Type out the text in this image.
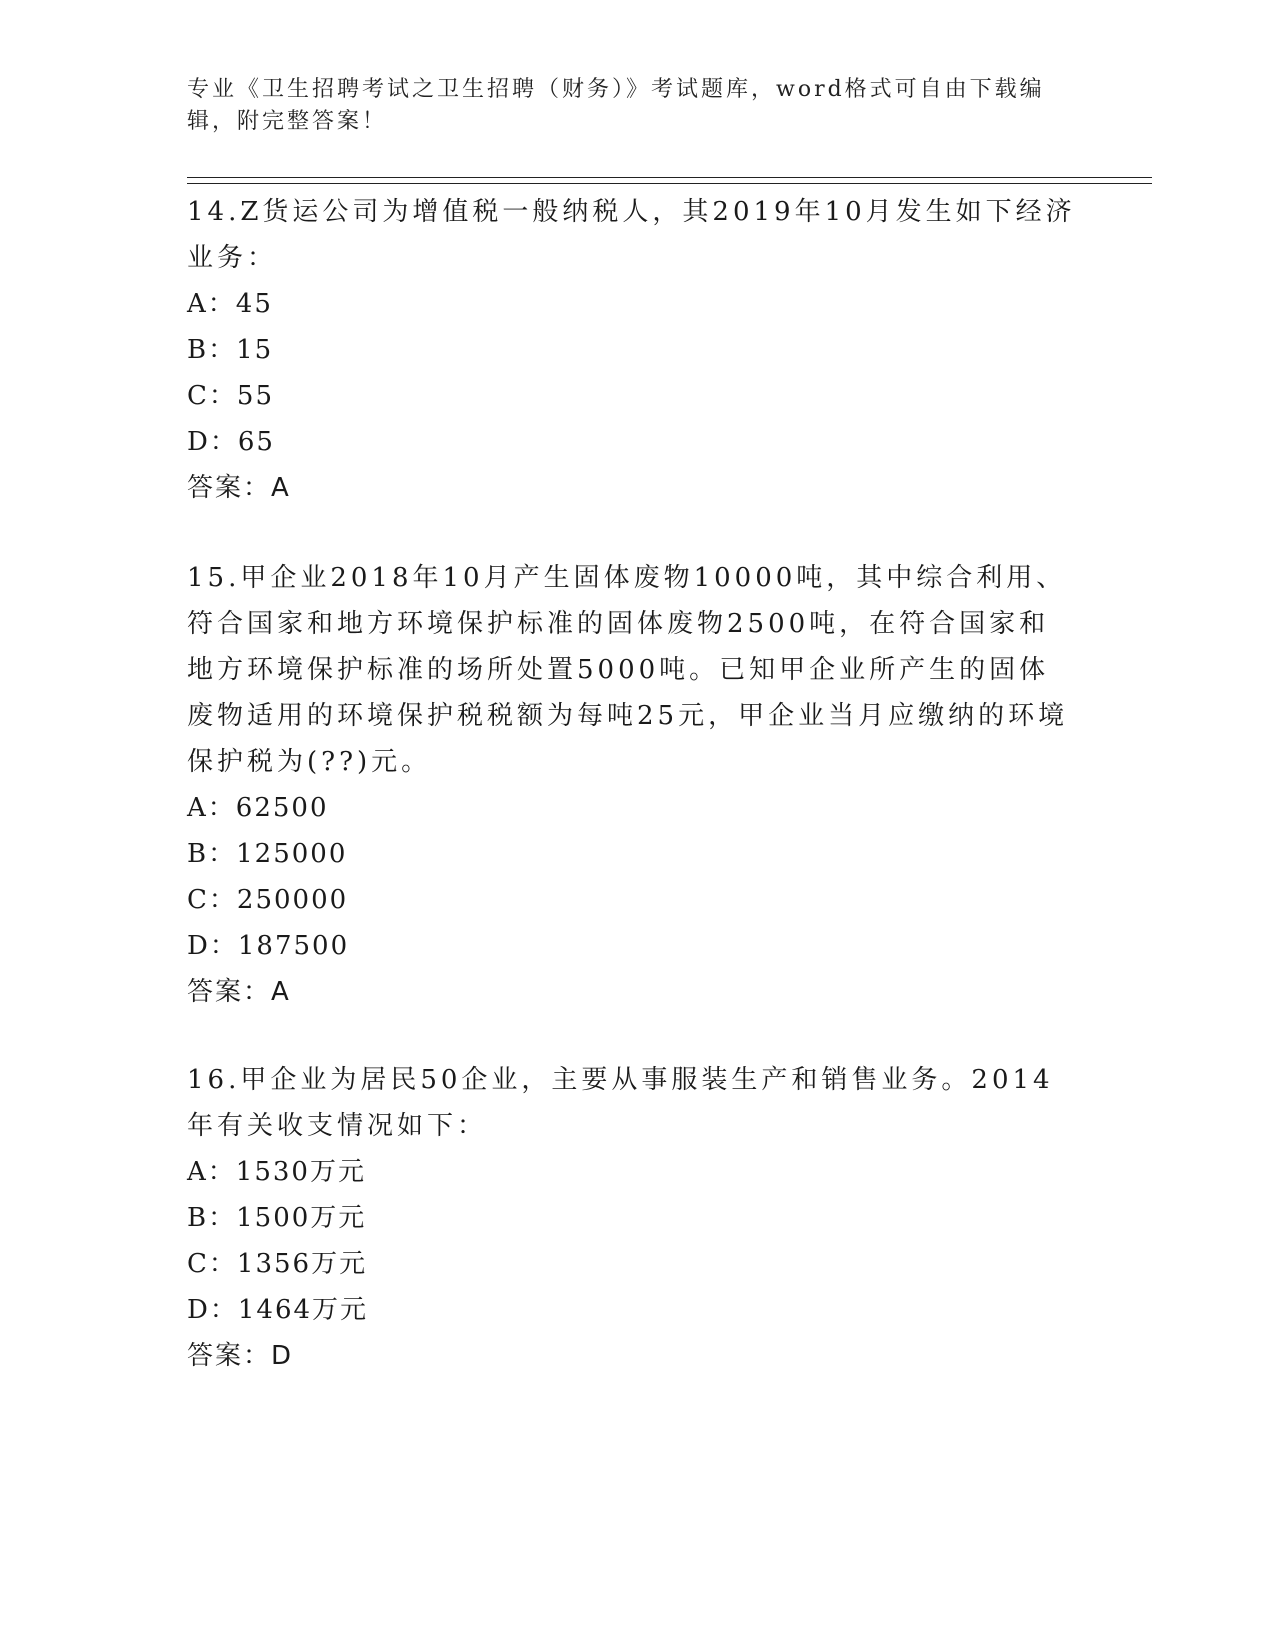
专业《卫生招聘考试之卫生招聘（财务）》考试题库，word格式可自由下载编辑，附完整答案！

14.Z货运公司为增值税一般纳税人，其2019年10月发生如下经济业务：

A：45

B：15

C：55

D：65

答案：A

15.甲企业2018年10月产生固体废物10000吨，其中综合利用、符合国家和地方环境保护标准的固体废物2500吨，在符合国家和地方环境保护标准的场所处置5000吨。已知甲企业所产生的固体废物适用的环境保护税税额为每吨25元，甲企业当月应缴纳的环境保护税为(??)元。

A：62500

B：125000

C：250000

D：187500

答案：A

16.甲企业为居民50企业，主要从事服装生产和销售业务。2014年有关收支情况如下：

A：1530万元

B：1500万元

C：1356万元

D：1464万元

答案：D
